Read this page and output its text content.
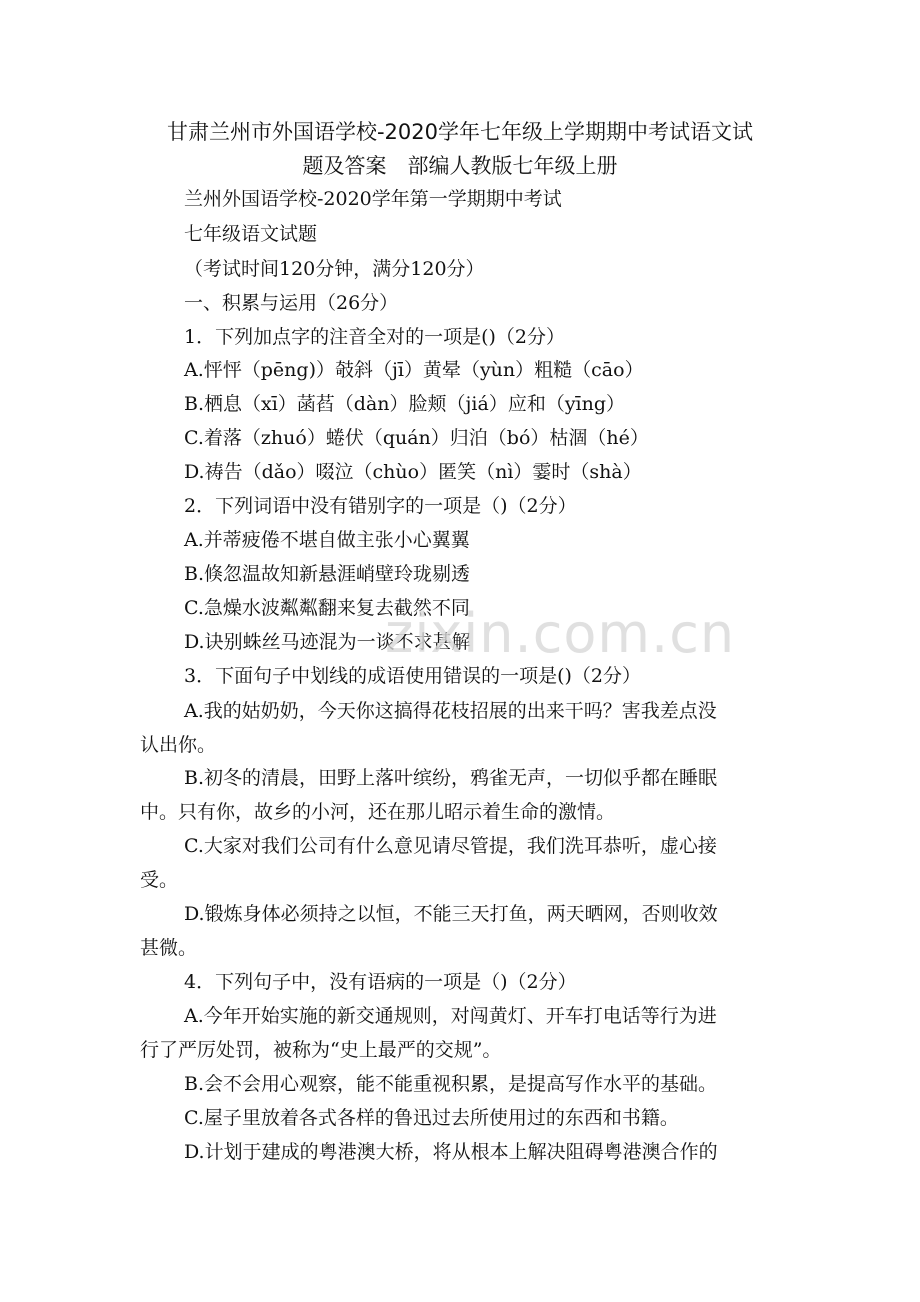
甘肃兰州市外国语学校-2020学年七年级上学期期中考试语文试
题及答案　部编人教版七年级上册
兰州外国语学校-2020学年第一学期期中考试
七年级语文试题
（考试时间120分钟，满分120分）
一、积累与运用（26分）
1．下列加点字的注音全对的一项是()（2分）
A.怦怦（pēng)）攲斜（jī）黄晕（yùn）粗糙（cāo）
B.栖息（xī）菡萏（dàn）脸颊（jiá）应和（yīng）
C.着落（zhuó）蜷伏（quán）归泊（bó）枯涸（hé）
D.祷告（dǎo）啜泣（chùo）匿笑（nì）霎时（shà）
2．下列词语中没有错别字的一项是（)（2分）
A.并蒂疲倦不堪自做主张小心翼翼
B.倏忽温故知新悬涯峭壁玲珑剔透
C.急燥水波粼粼翻来复去截然不同
D.诀别蛛丝马迹混为一谈不求甚解
3．下面句子中划线的成语使用错误的一项是()（2分）
A.我的姑奶奶，今天你这搞得花枝招展的出来干吗？害我差点没
认出你。
B.初冬的清晨，田野上落叶缤纷，鸦雀无声，一切似乎都在睡眠
中。只有你，故乡的小河，还在那儿昭示着生命的激情。
C.大家对我们公司有什么意见请尽管提，我们洗耳恭听，虚心接
受。
D.锻炼身体必须持之以恒，不能三天打鱼，两天晒网，否则收效
甚微。
4．下列句子中，没有语病的一项是（)（2分）
A.今年开始实施的新交通规则，对闯黄灯、开车打电话等行为进
行了严厉处罚，被称为“史上最严的交规”。
B.会不会用心观察，能不能重视积累，是提高写作水平的基础。
C.屋子里放着各式各样的鲁迅过去所使用过的东西和书籍。
D.计划于建成的粤港澳大桥，将从根本上解决阻碍粤港澳合作的
zixin.com.cn
